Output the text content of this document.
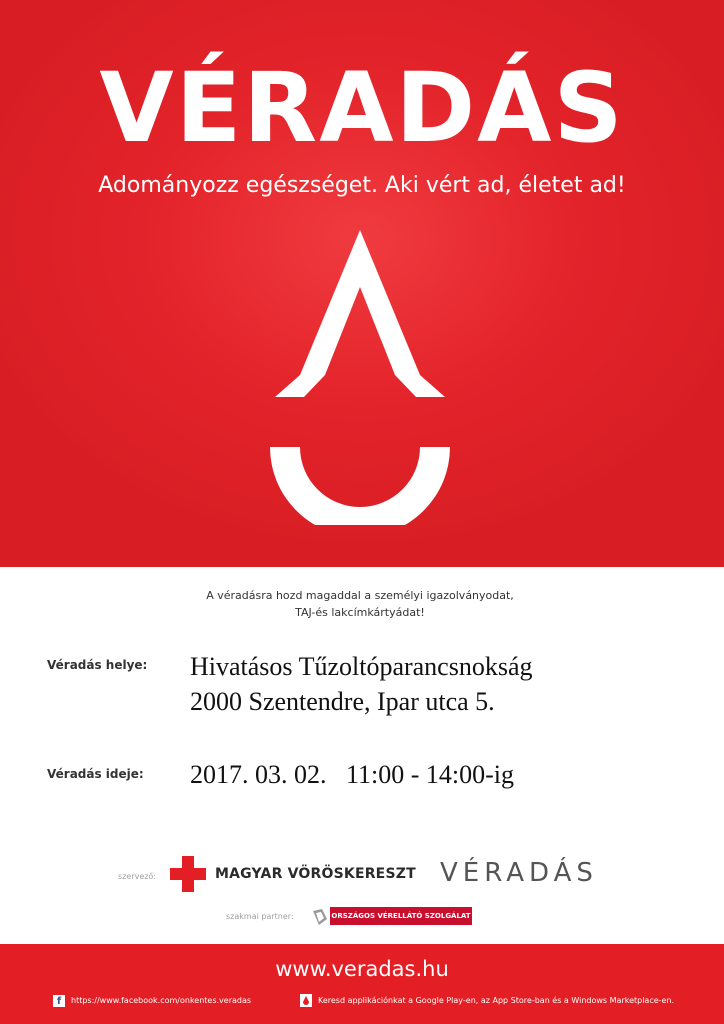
VÉRADÁS
Adományozz egészséget. Aki vért ad, életet ad!
A véradásra hozd magaddal a személyi igazolványodat,
TAJ-és lakcímkártyádat!
Véradás helye: Hivatásos Tűzoltóparancsnokság
2000 Szentendre, Ipar utca 5.
Véradás ideje: 2017. 03. 02.   11:00 - 14:00-ig
szervező:	MAGYAR VÖRÖSKERESZT VÉRADÁS
szakmai partner:	ORSZÁGOS VÉRELLÁTÓ SZOLGÁLAT
www.veradas.hu
f https://www.facebook.com/onkentes.veradas	Keresd applikációnkat a Google Play-en, az App Store-ban és a Windows Marketplace-en.
